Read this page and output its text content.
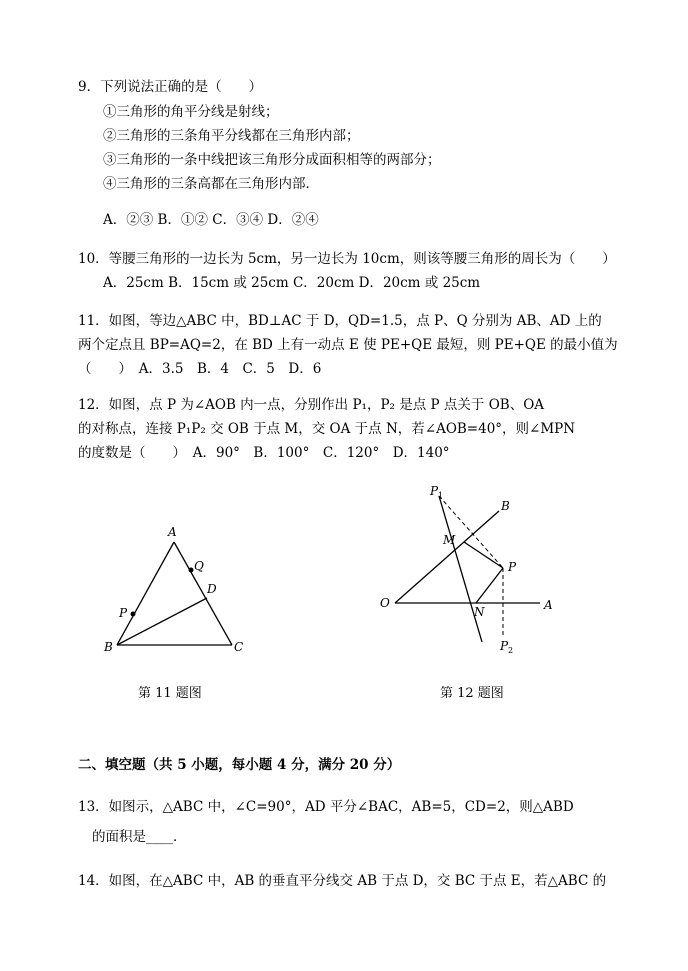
9．下列说法正确的是（　　）
①三角形的角平分线是射线；
②三角形的三条角平分线都在三角形内部；
③三角形的一条中线把该三角形分成面积相等的两部分；
④三角形的三条高都在三角形内部．
A．②③ B．①② C．③④ D．②④
10．等腰三角形的一边长为 5cm，另一边长为 10cm，则该等腰三角形的周长为（　　）
A．25cm B．15cm 或 25cm C．20cm D．20cm 或 25cm
11．如图，等边△ABC 中，BD⊥AC 于 D，QD=1.5，点 P、Q 分别为 AB、AD 上的
两个定点且 BP=AQ=2，在 BD 上有一动点 E 使 PE+QE 最短，则 PE+QE 的最小值为
（　　）　A．3.5　B．4　C．5　D．6
12．如图，点 P 为∠AOB 内一点，分别作出 P₁，P₂ 是点 P 点关于 OB、OA
的对称点，连接 P₁P₂ 交 OB 于点 M，交 OA 于点 N，若∠AOB=40°，则∠MPN
的度数是（　　）　A．90°　B．100°　C．120°　D．140°
A
B	C
D
P
Q
第 11 题图
O	A
B
M
N
P
P 1
P 2
第 12 题图
二、填空题（共 5 小题，每小题 4 分，满分 20 分）
13．如图示，△ABC 中，∠C=90°，AD 平分∠BAC，AB=5，CD=2，则△ABD
的面积是____．
14．如图，在△ABC 中，AB 的垂直平分线交 AB 于点 D，交 BC 于点 E，若△ABC 的
